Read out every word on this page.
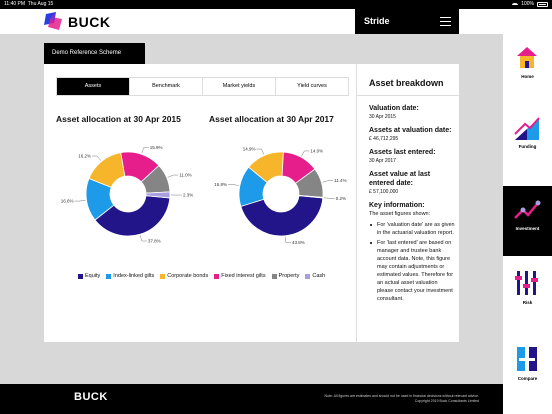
11:40 PM Thu Aug 15	100%
BUCK	Stride
Demo Reference Scheme
Assets	Benchmark	Market yields	Yield curves
Asset allocation at 30 Apr 2015	Asset allocation at 30 Apr 2017
37.8%
16.6%
16.2%
15.9%
11.0%
2.3%
43.8%
15.8%
14.9%	14.0%
11.4%
0.2%
Equity Index-linked gilts Corporate bonds Fixed interest gilts Property Cash
Asset breakdown
Valuation date:
30 Apr 2015
Assets at valuation date:
£ 46,712,295
Assets last entered:
30 Apr 2017
Asset value at last entered date:
£ 57,100,000
Key information:
The asset figures shown:
For 'valuation date' are as given in the actuarial valuation report.
For 'last entered' are based on manager and trustee bank account data. Note, this figure may contain adjustments or estimated values. Therefore for an actual asset valuation please contact your investment consultant.
BUCK	Note: All figures are estimates and should not be used in financial decisions without relevant advice.
Copyright 2019 Buck Consultants Limited
Home
Funding
Investment
Risk
Compare
